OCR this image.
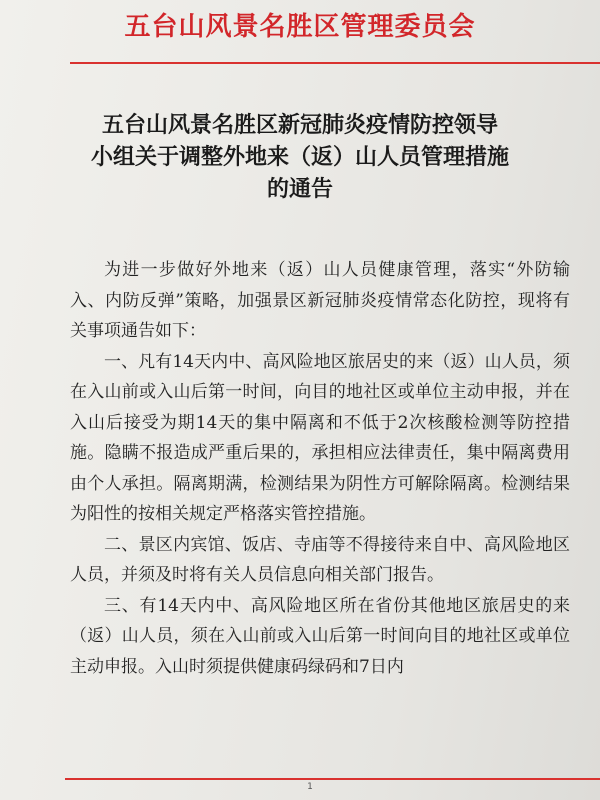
五台山风景名胜区管理委员会
五台山风景名胜区新冠肺炎疫情防控领导
小组关于调整外地来（返）山人员管理措施
的通告

为进一步做好外地来（返）山人员健康管理，落实“外防输入、内防反弹”策略，加强景区新冠肺炎疫情常态化防控，现将有关事项通告如下：

一、凡有14天内中、高风险地区旅居史的来（返）山人员，须在入山前或入山后第一时间，向目的地社区或单位主动申报，并在入山后接受为期14天的集中隔离和不低于2次核酸检测等防控措施。隐瞒不报造成严重后果的，承担相应法律责任，集中隔离费用由个人承担。隔离期满，检测结果为阴性方可解除隔离。检测结果为阳性的按相关规定严格落实管控措施。

二、景区内宾馆、饭店、寺庙等不得接待来自中、高风险地区人员，并须及时将有关人员信息向相关部门报告。

三、有14天内中、高风险地区所在省份其他地区旅居史的来（返）山人员，须在入山前或入山后第一时间向目的地社区或单位主动申报。入山时须提供健康码绿码和7日内

1
